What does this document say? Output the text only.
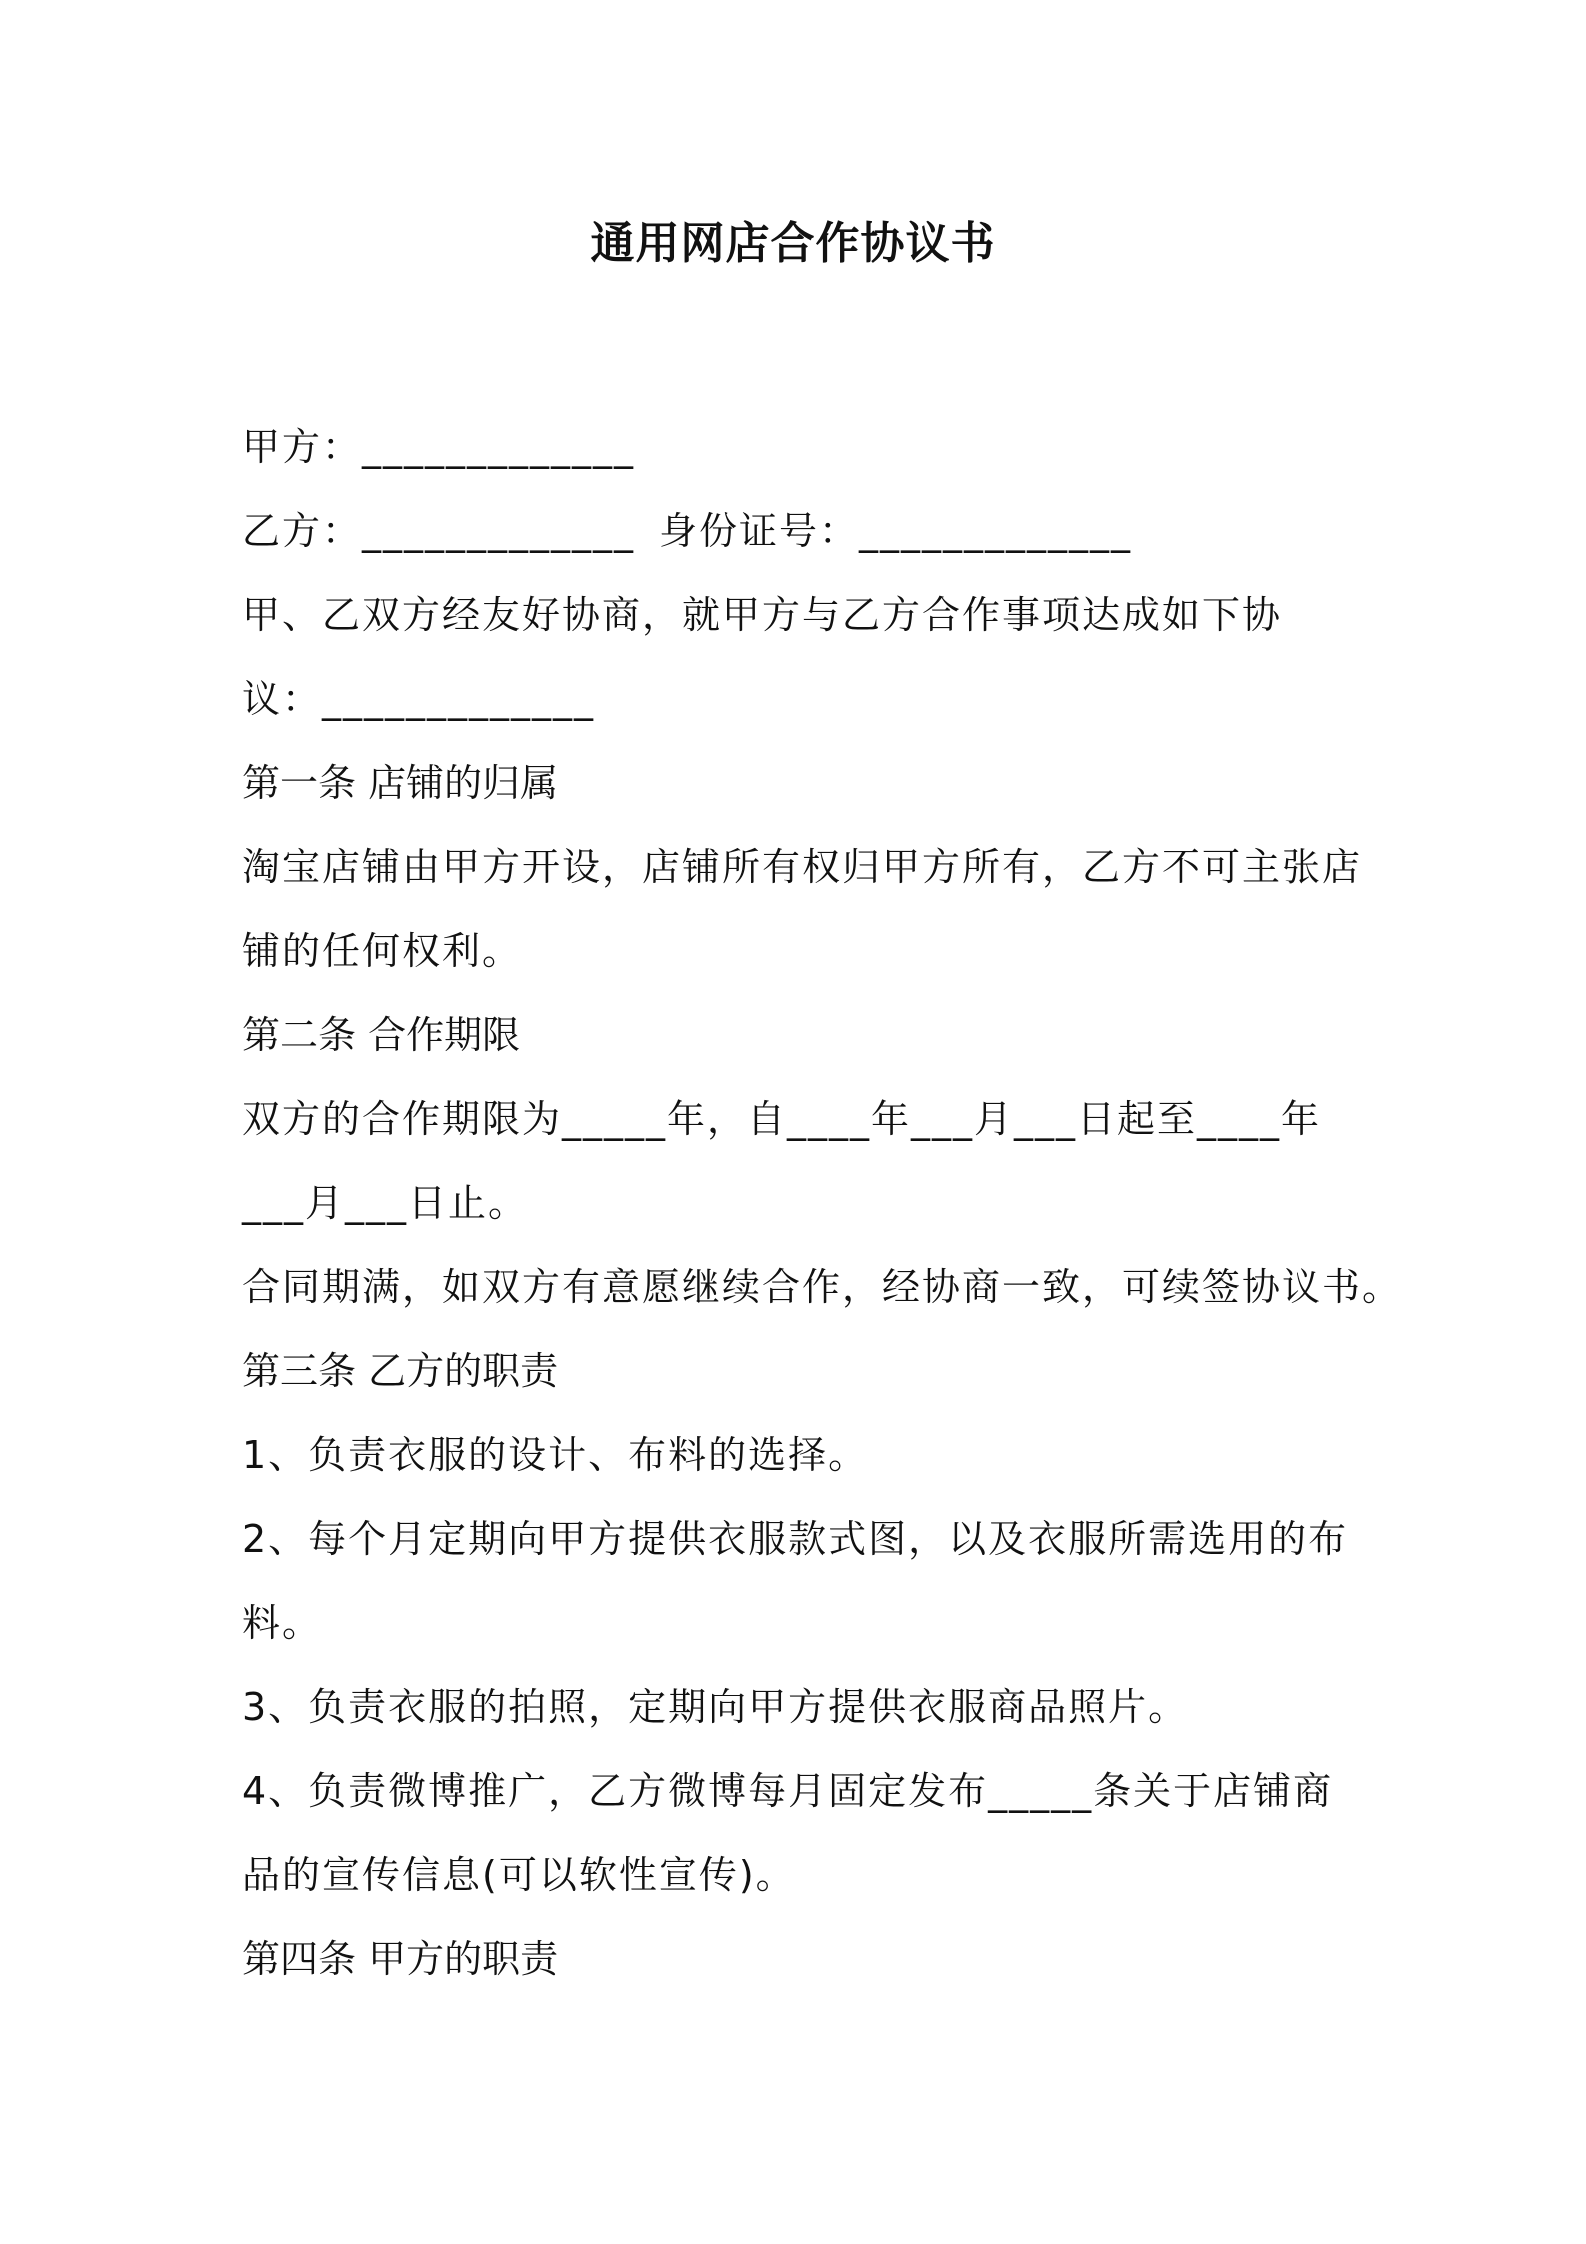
通用网店合作协议书
甲方：_____________
乙方：_____________ 身份证号：_____________
甲、乙双方经友好协商，就甲方与乙方合作事项达成如下协
议：_____________
第一条 店铺的归属
淘宝店铺由甲方开设，店铺所有权归甲方所有，乙方不可主张店
铺的任何权利。
第二条 合作期限
双方的合作期限为_____年，自____年___月___日起至____年
___月___日止。
合同期满，如双方有意愿继续合作，经协商一致，可续签协议书。
第三条 乙方的职责
1、负责衣服的设计、布料的选择。
2、每个月定期向甲方提供衣服款式图，以及衣服所需选用的布
料。
3、负责衣服的拍照，定期向甲方提供衣服商品照片。
4、负责微博推广，乙方微博每月固定发布_____条关于店铺商
品的宣传信息(可以软性宣传)。
第四条 甲方的职责
